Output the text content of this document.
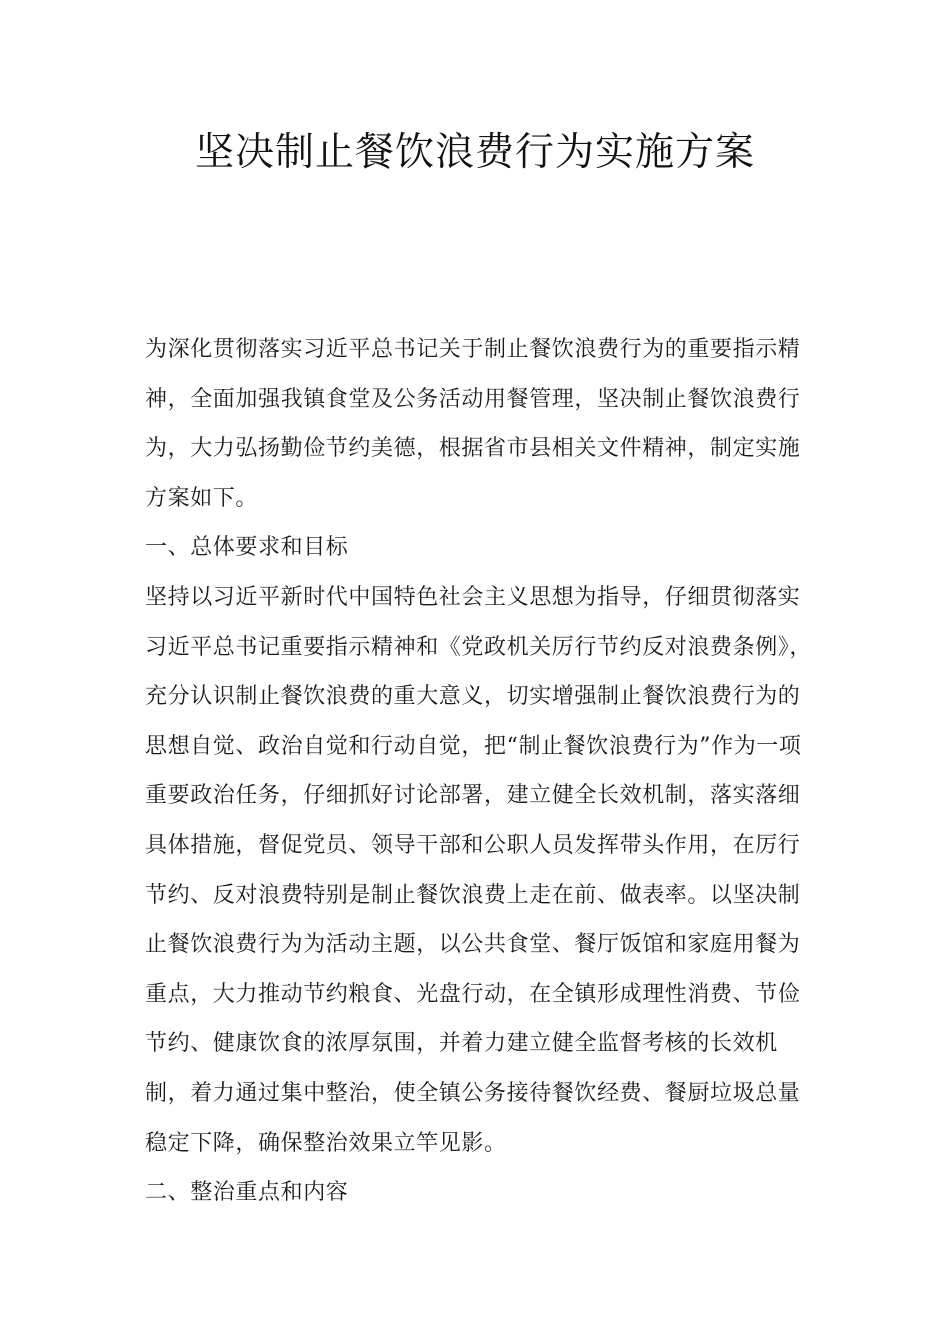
坚决制止餐饮浪费行为实施方案

为深化贯彻落实习近平总书记关于制止餐饮浪费行为的重要指示精神，全面加强我镇食堂及公务活动用餐管理，坚决制止餐饮浪费行为，大力弘扬勤俭节约美德，根据省市县相关文件精神，制定实施方案如下。

一、总体要求和目标

坚持以习近平新时代中国特色社会主义思想为指导，仔细贯彻落实习近平总书记重要指示精神和《党政机关厉行节约反对浪费条例》，充分认识制止餐饮浪费的重大意义，切实增强制止餐饮浪费行为的思想自觉、政治自觉和行动自觉，把“制止餐饮浪费行为”作为一项重要政治任务，仔细抓好讨论部署，建立健全长效机制，落实落细具体措施，督促党员、领导干部和公职人员发挥带头作用，在厉行节约、反对浪费特别是制止餐饮浪费上走在前、做表率。以坚决制止餐饮浪费行为为活动主题，以公共食堂、餐厅饭馆和家庭用餐为重点，大力推动节约粮食、光盘行动，在全镇形成理性消费、节俭节约、健康饮食的浓厚氛围，并着力建立健全监督考核的长效机制，着力通过集中整治，使全镇公务接待餐饮经费、餐厨垃圾总量稳定下降，确保整治效果立竿见影。

二、整治重点和内容
